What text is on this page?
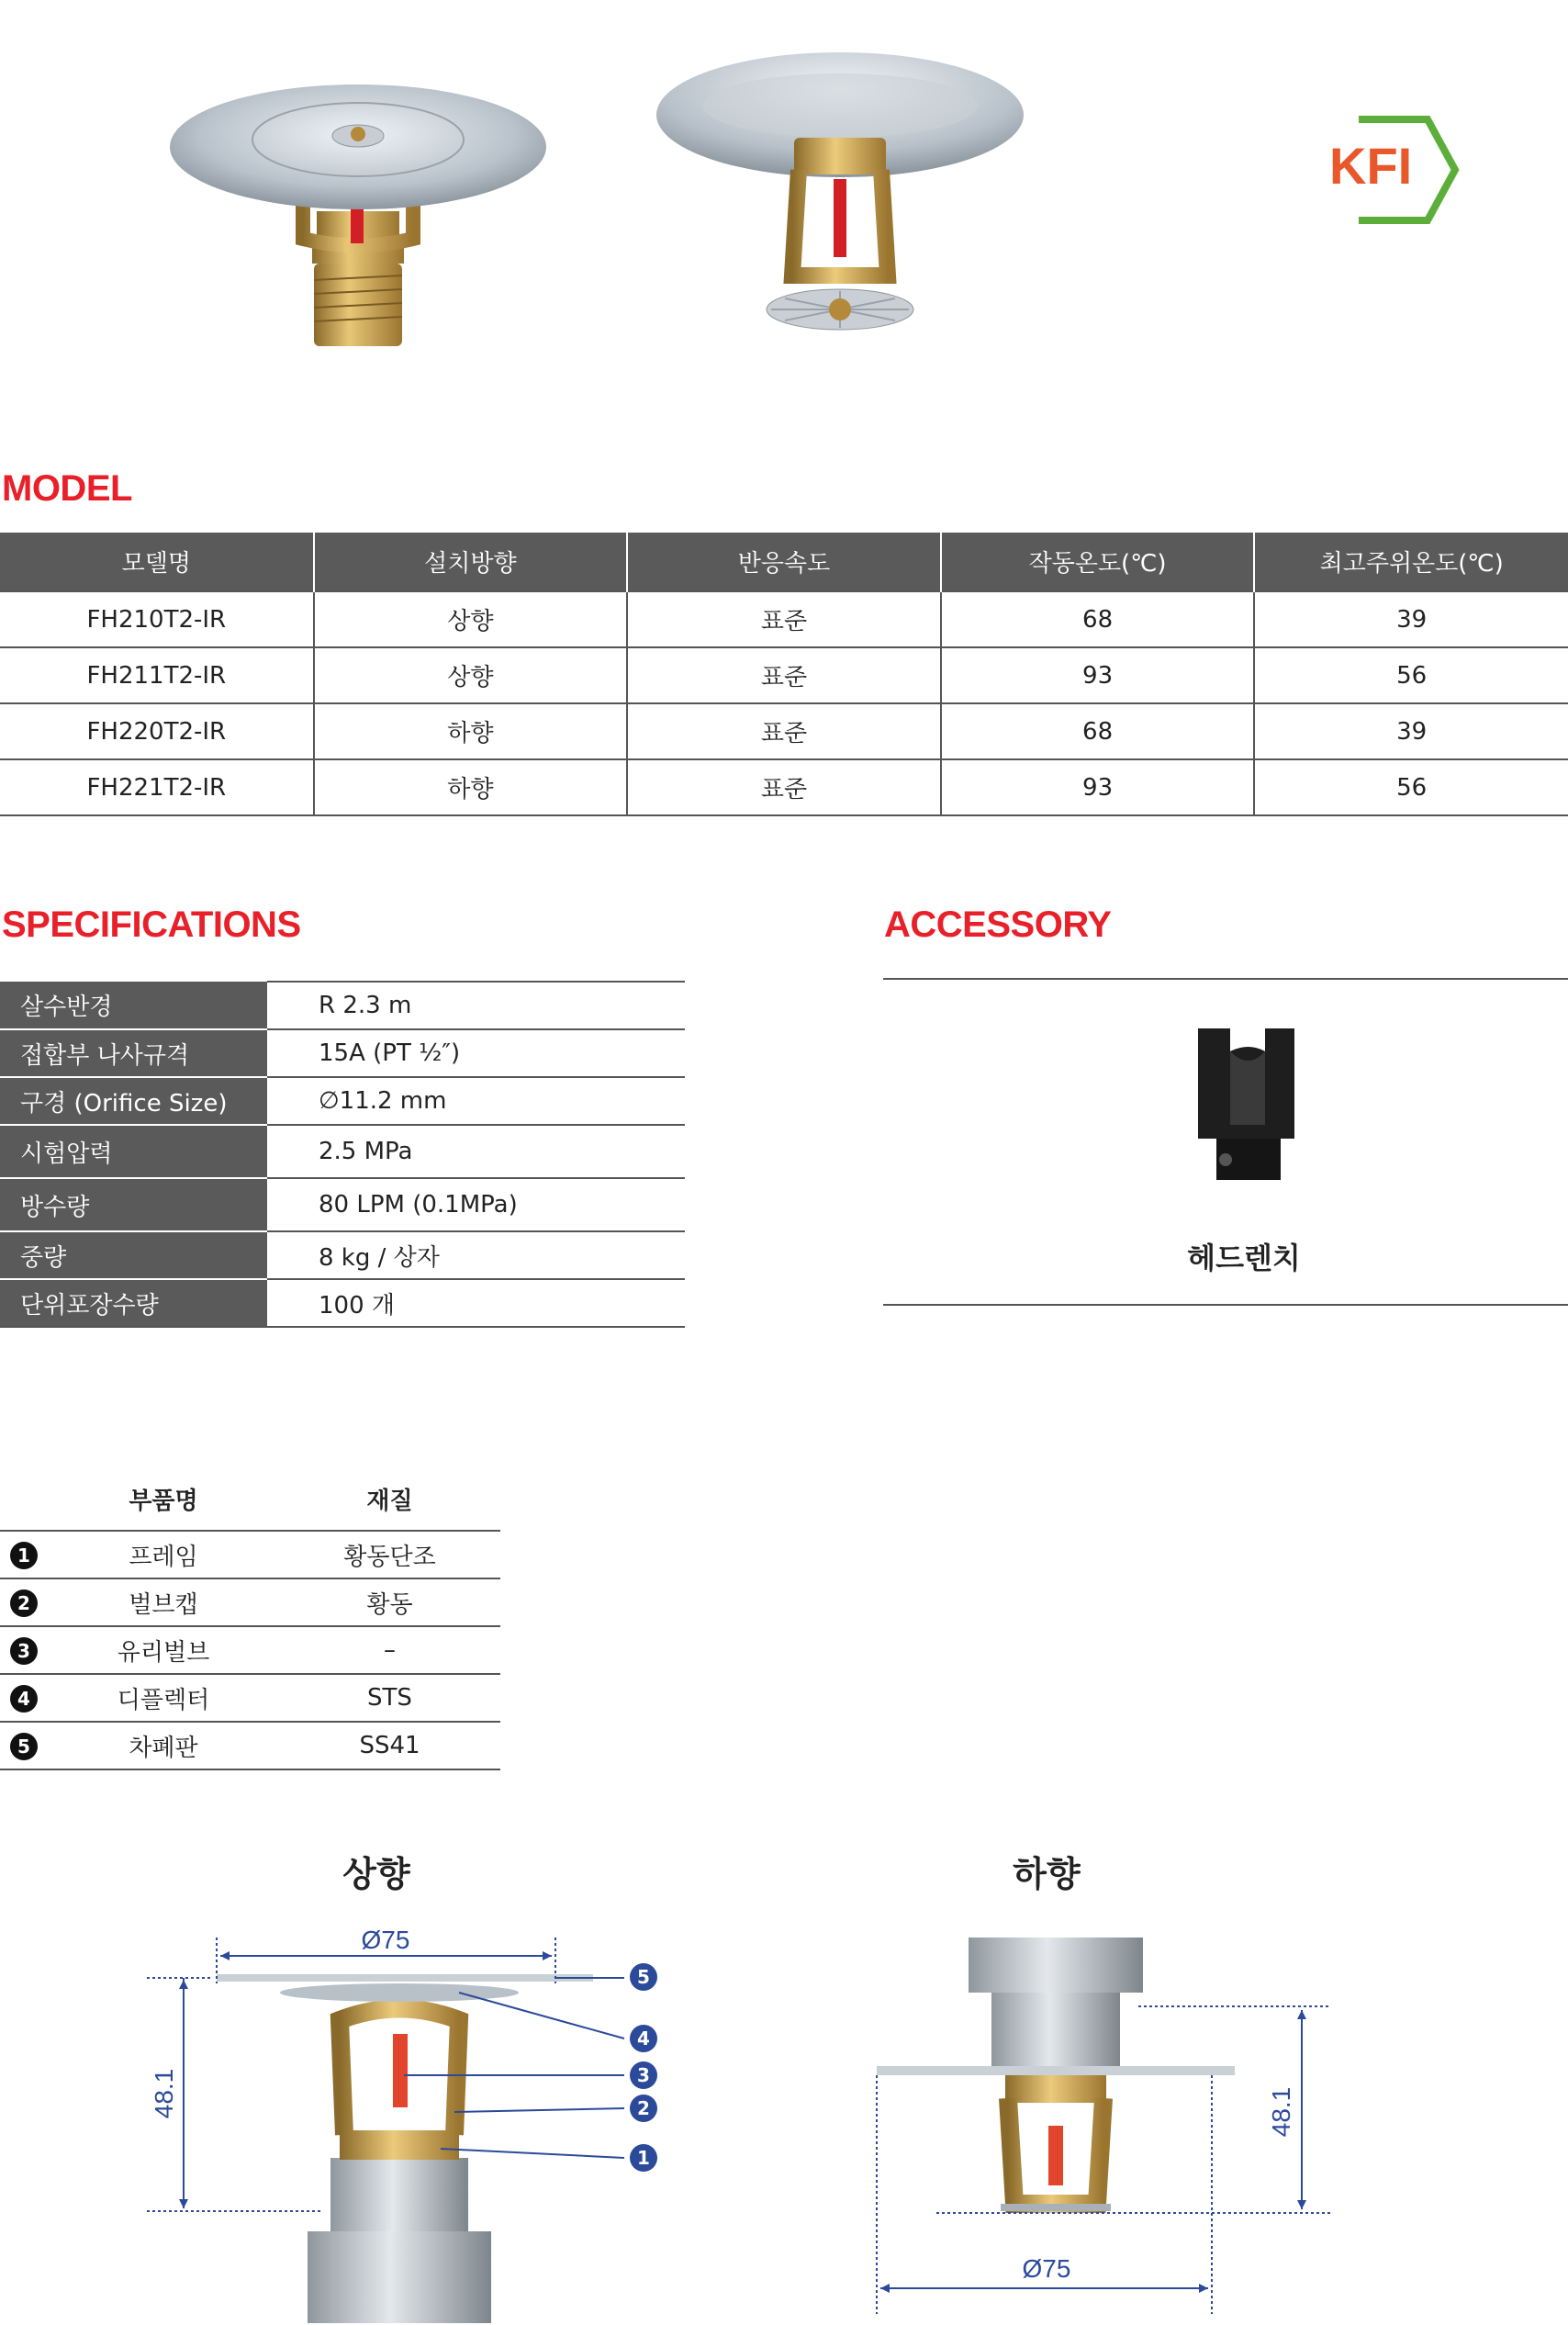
KFI
MODEL
모델명	설치방향	반응속도	작동온도(℃)	최고주위온도(℃)
FH210T2-IR	상향	표준	68	39
FH211T2-IR	상향	표준	93	56
FH220T2-IR	하향	표준	68	39
FH221T2-IR	하향	표준	93	56
SPECIFICATIONS
살수반경	R 2.3 m
접합부 나사규격	15A (PT ½″)
구경 (Orifice Size)	∅11.2 mm
시험압력	2.5 MPa
방수량	80 LPM (0.1MPa)
중량	8 kg / 상자
단위포장수량	100 개
ACCESSORY
헤드렌치
	부품명	재질
1	프레임	황동단조
2	벌브캡	황동
3	유리벌브	–
4	디플렉터	STS
5	차폐판	SS41
상향	하향
Ø75
48.1
5
4
3
2
1
Ø75
48.1
